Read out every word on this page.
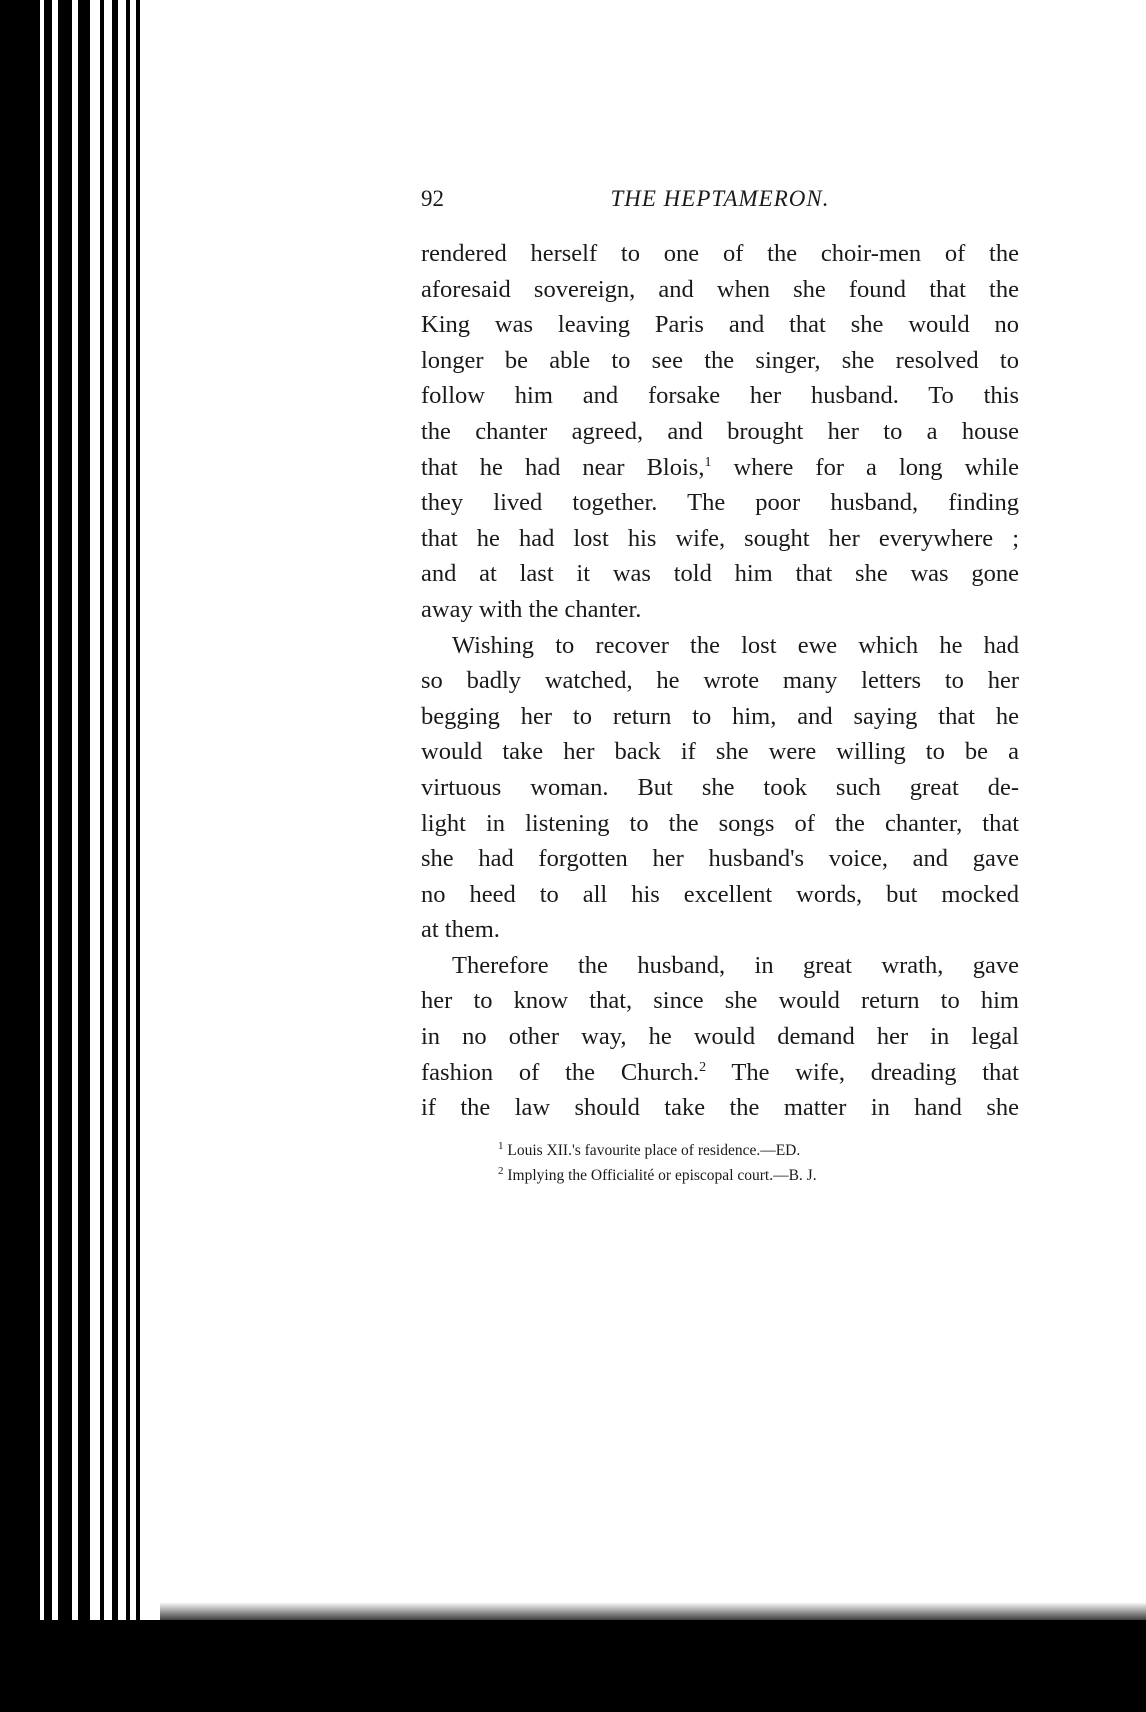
92	THE HEPTAMERON.
rendered herself to one of the choir-men of the
aforesaid sovereign, and when she found that the
King was leaving Paris and that she would no
longer be able to see the singer, she resolved to
follow him and forsake her husband. To this
the chanter agreed, and brought her to a house
that he had near Blois,$^1$ where for a long while
they lived together. The poor husband, finding
that he had lost his wife, sought her everywhere ;
and at last it was told him that she was gone
away with the chanter.
Wishing to recover the lost ewe which he had
so badly watched, he wrote many letters to her
begging her to return to him, and saying that he
would take her back if she were willing to be a
virtuous woman. But she took such great de-
light in listening to the songs of the chanter, that
she had forgotten her husband's voice, and gave
no heed to all his excellent words, but mocked
at them.
Therefore the husband, in great wrath, gave
her to know that, since she would return to him
in no other way, he would demand her in legal
fashion of the Church.$^2$ The wife, dreading that
if the law should take the matter in hand she
$^1$ Louis XII.'s favourite place of residence.—ED.
$^2$ Implying the Officialité or episcopal court.—B. J.
